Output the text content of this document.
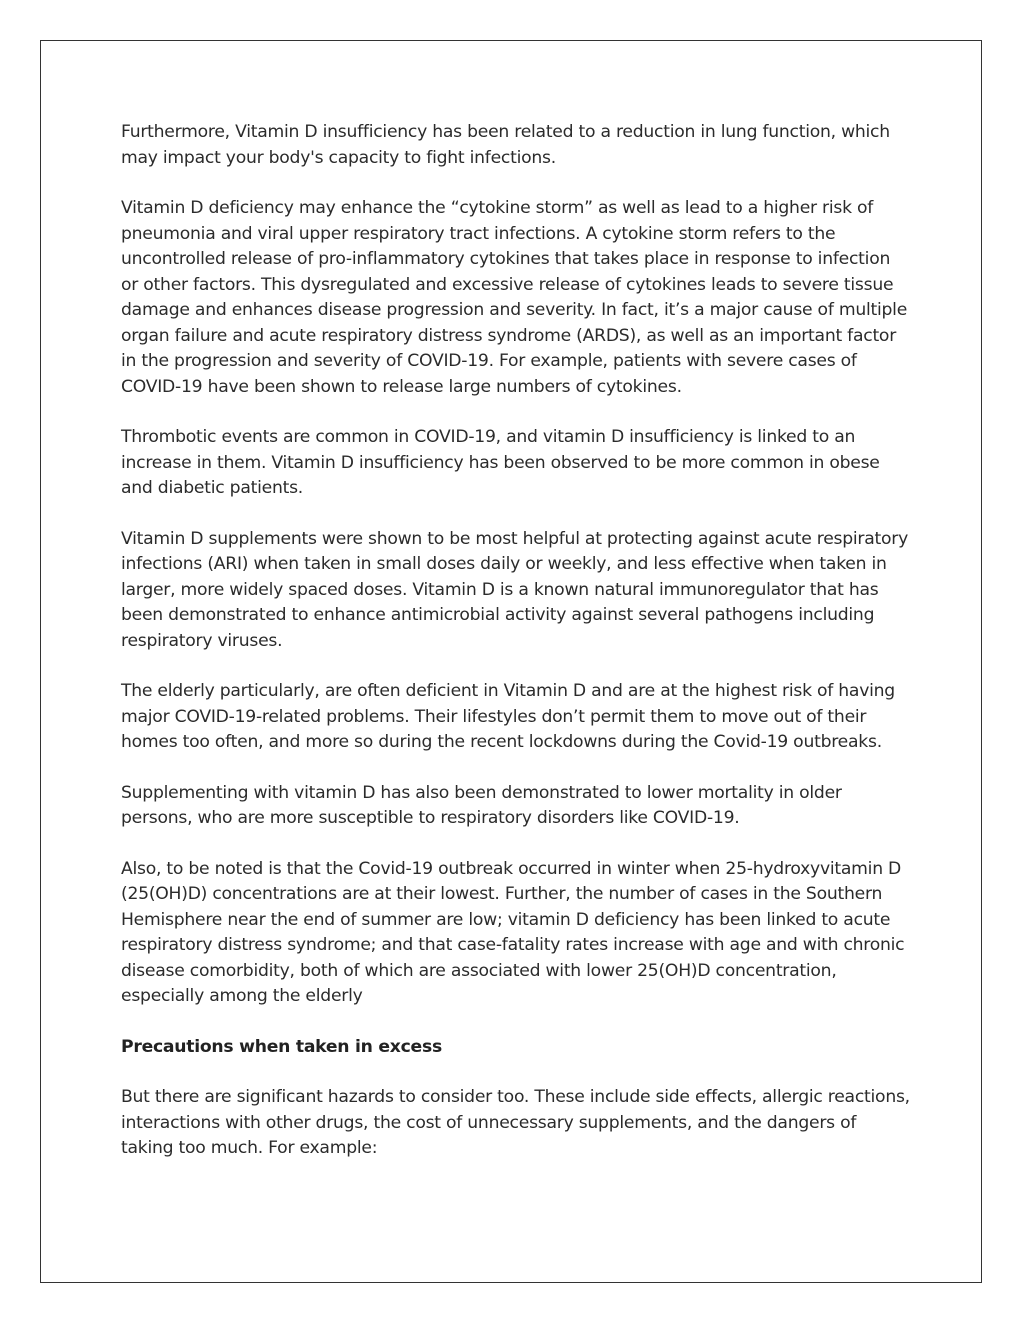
Furthermore, Vitamin D insufficiency has been related to a reduction in lung function, which may impact your body's capacity to fight infections.

Vitamin D deficiency may enhance the “cytokine storm” as well as lead to a higher risk of pneumonia and viral upper respiratory tract infections. A cytokine storm refers to the uncontrolled release of pro-inflammatory cytokines that takes place in response to infection or other factors. This dysregulated and excessive release of cytokines leads to severe tissue damage and enhances disease progression and severity. In fact, it’s a major cause of multiple organ failure and acute respiratory distress syndrome (ARDS), as well as an important factor in the progression and severity of COVID-19. For example, patients with severe cases of COVID-19 have been shown to release large numbers of cytokines.

Thrombotic events are common in COVID-19, and vitamin D insufficiency is linked to an increase in them. Vitamin D insufficiency has been observed to be more common in obese and diabetic patients.

Vitamin D supplements were shown to be most helpful at protecting against acute respiratory infections (ARI) when taken in small doses daily or weekly, and less effective when taken in larger, more widely spaced doses. Vitamin D is a known natural immunoregulator that has been demonstrated to enhance antimicrobial activity against several pathogens including respiratory viruses.

The elderly particularly, are often deficient in Vitamin D and are at the highest risk of having major COVID-19-related problems. Their lifestyles don’t permit them to move out of their homes too often, and more so during the recent lockdowns during the Covid-19 outbreaks.

Supplementing with vitamin D has also been demonstrated to lower mortality in older persons, who are more susceptible to respiratory disorders like COVID-19.

Also, to be noted is that the Covid-19 outbreak occurred in winter when 25-hydroxyvitamin D (25(OH)D) concentrations are at their lowest. Further, the number of cases in the Southern Hemisphere near the end of summer are low; vitamin D deficiency has been linked to acute respiratory distress syndrome; and that case-fatality rates increase with age and with chronic disease comorbidity, both of which are associated with lower 25(OH)D concentration, especially among the elderly

Precautions when taken in excess

But there are significant hazards to consider too. These include side effects, allergic reactions, interactions with other drugs, the cost of unnecessary supplements, and the dangers of taking too much. For example:
